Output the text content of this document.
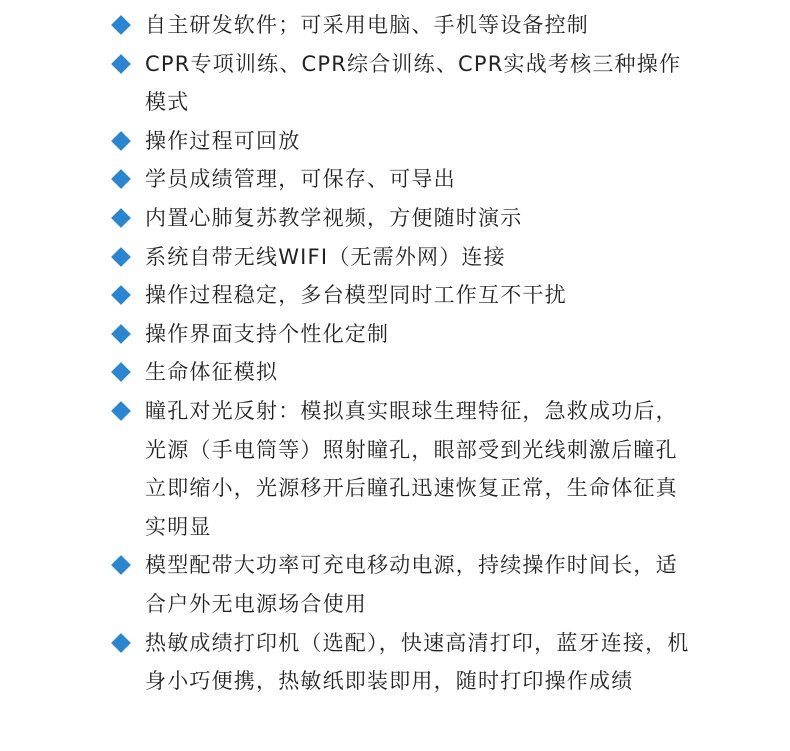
自主研发软件；可采用电脑、手机等设备控制
CPR专项训练、CPR综合训练、CPR实战考核三种操作模式
操作过程可回放
学员成绩管理，可保存、可导出
内置心肺复苏教学视频，方便随时演示
系统自带无线WIFI（无需外网）连接
操作过程稳定，多台模型同时工作互不干扰
操作界面支持个性化定制
生命体征模拟
瞳孔对光反射：模拟真实眼球生理特征，急救成功后，光源（手电筒等）照射瞳孔，眼部受到光线刺激后瞳孔立即缩小，光源移开后瞳孔迅速恢复正常，生命体征真实明显
模型配带大功率可充电移动电源，持续操作时间长，适合户外无电源场合使用
热敏成绩打印机（选配），快速高清打印，蓝牙连接，机身小巧便携，热敏纸即装即用，随时打印操作成绩
